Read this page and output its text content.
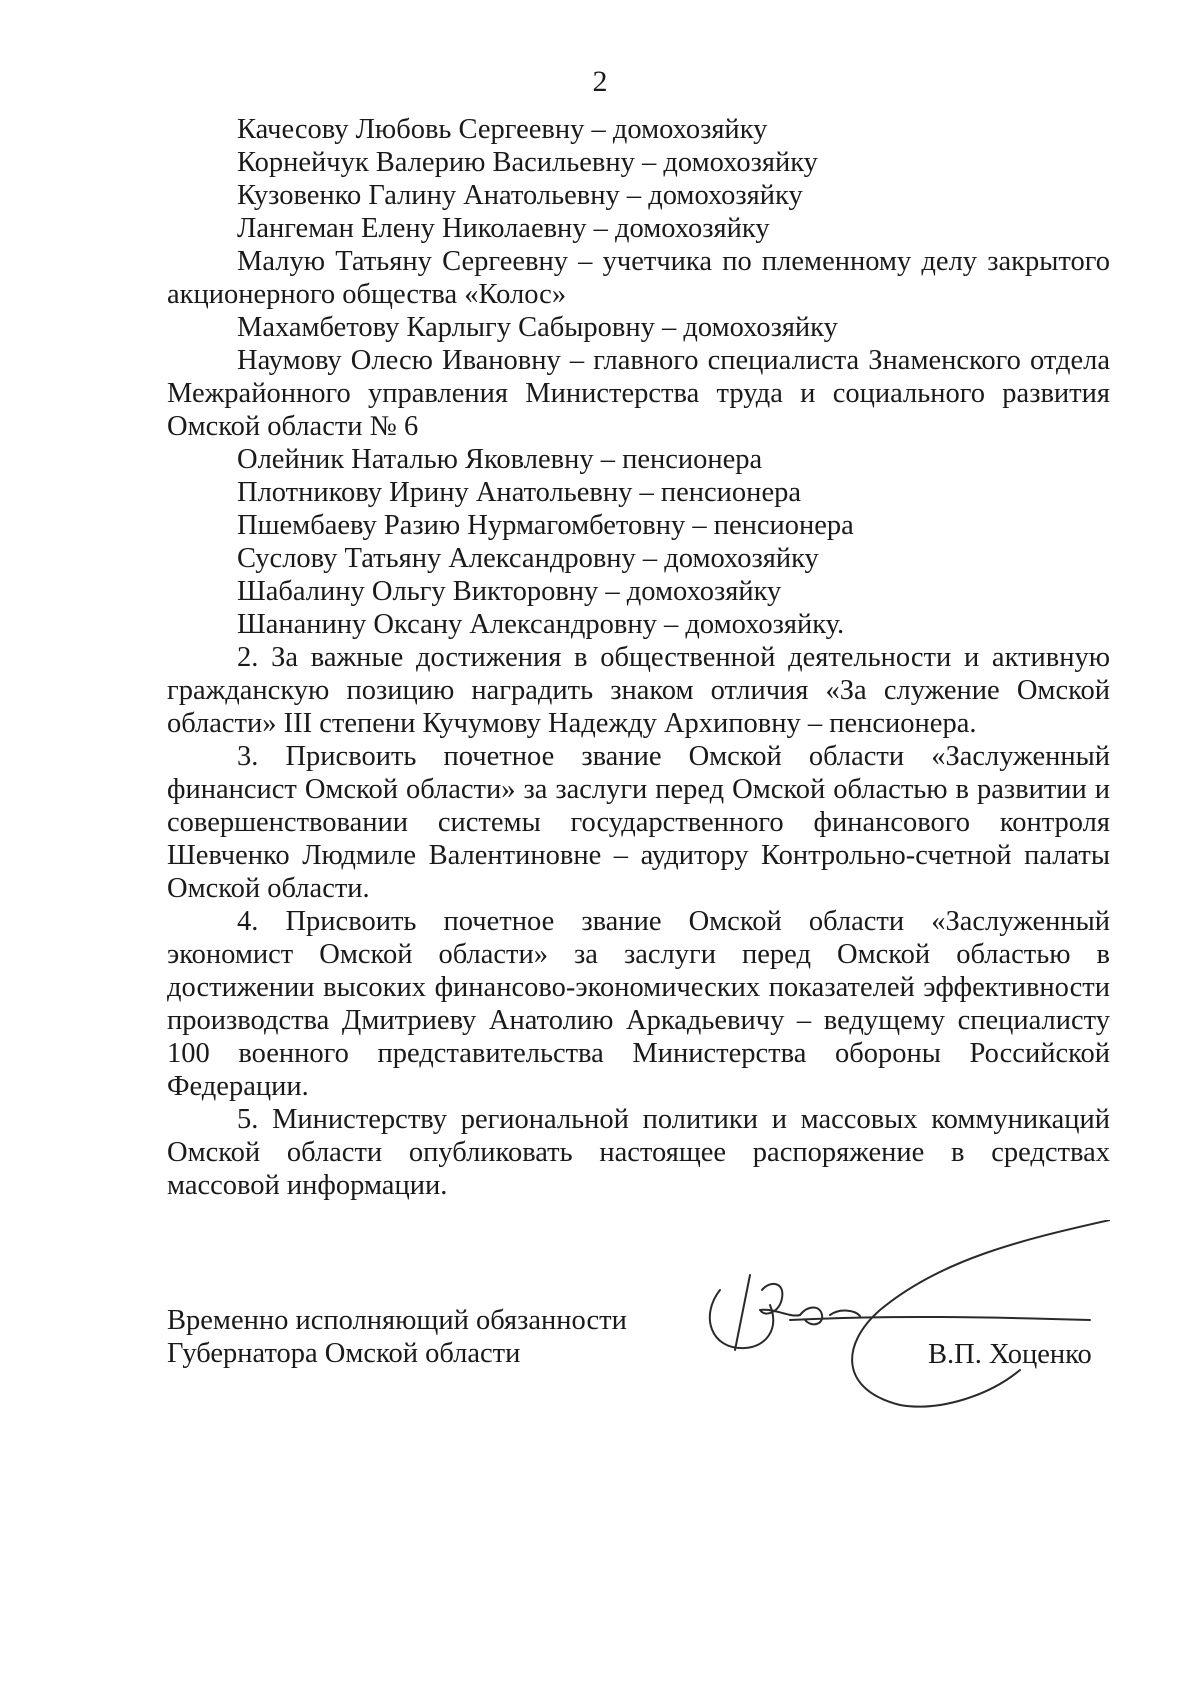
2

Качесову Любовь Сергеевну – домохозяйку

Корнейчук Валерию Васильевну – домохозяйку

Кузовенко Галину Анатольевну – домохозяйку

Лангеман Елену Николаевну – домохозяйку

Малую Татьяну Сергеевну – учетчика по племенному делу закрытого акционерного общества «Колос»

Махамбетову Карлыгу Сабыровну – домохозяйку

Наумову Олесю Ивановну – главного специалиста Знаменского отдела Межрайонного управления Министерства труда и социального развития Омской области № 6

Олейник Наталью Яковлевну – пенсионера

Плотникову Ирину Анатольевну – пенсионера

Пшембаеву Разию Нурмагомбетовну – пенсионера

Суслову Татьяну Александровну – домохозяйку

Шабалину Ольгу Викторовну – домохозяйку

Шананину Оксану Александровну – домохозяйку.

2. За важные достижения в общественной деятельности и активную гражданскую позицию наградить знаком отличия «За служение Омской области» III степени Кучумову Надежду Архиповну – пенсионера.

3. Присвоить почетное звание Омской области «Заслуженный финансист Омской области» за заслуги перед Омской областью в развитии и совершенствовании системы государственного финансового контроля Шевченко Людмиле Валентиновне – аудитору Контрольно-счетной палаты Омской области.

4. Присвоить почетное звание Омской области «Заслуженный экономист Омской области» за заслуги перед Омской областью в достижении высоких финансово-экономических показателей эффективности производства Дмитриеву Анатолию Аркадьевичу – ведущему специалисту 100 военного представительства Министерства обороны Российской Федерации.

5. Министерству региональной политики и массовых коммуникаций Омской области опубликовать настоящее распоряжение в средствах массовой информации.

Временно исполняющий обязанности
Губернатора Омской области	В.П. Хоценко
